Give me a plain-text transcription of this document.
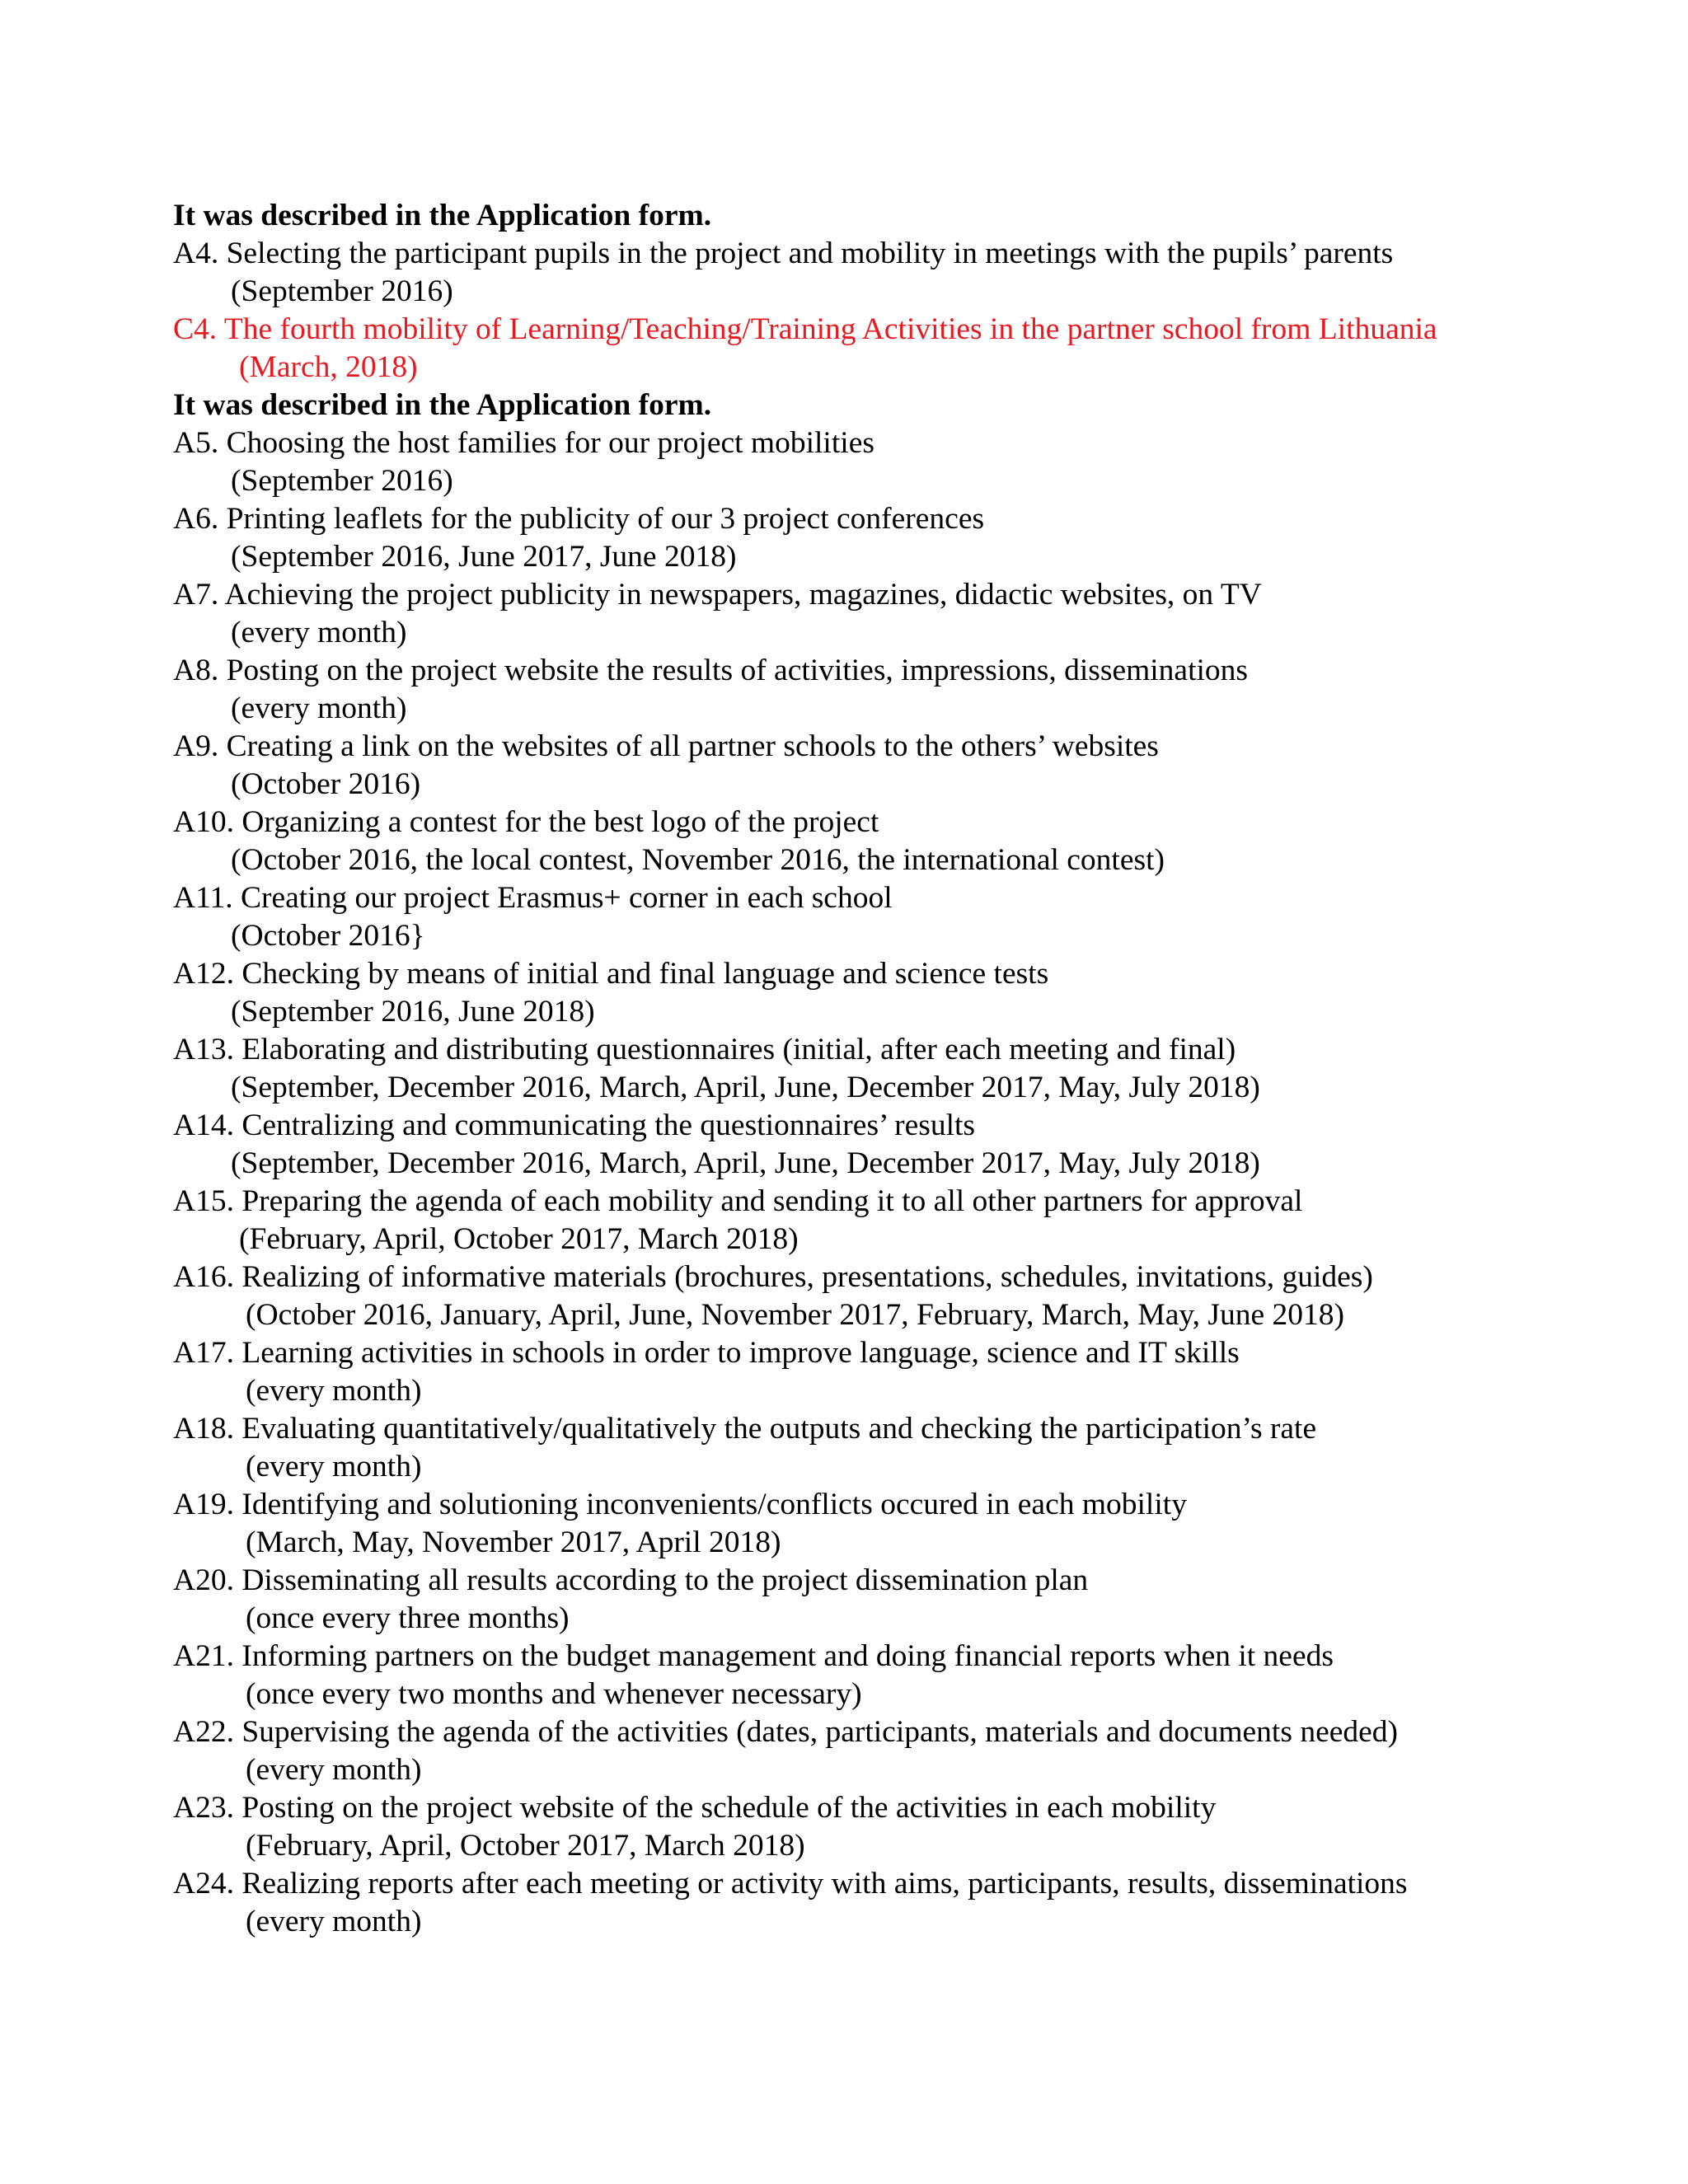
It was described in the Application form.
A4. Selecting the participant pupils in the project and mobility in meetings with the pupils’ parents
(September 2016)
C4. The fourth mobility of Learning/Teaching/Training Activities in the partner school from Lithuania
(March, 2018)
It was described in the Application form.
A5. Choosing the host families for our project mobilities
(September 2016)
A6. Printing leaflets for the publicity of our 3 project conferences
(September 2016, June 2017, June 2018)
A7. Achieving the project publicity in newspapers, magazines, didactic websites, on TV
(every month)
A8. Posting on the project website the results of activities, impressions, disseminations
(every month)
A9. Creating a link on the websites of all partner schools to the others’ websites
(October 2016)
A10. Organizing a contest for the best logo of the project
(October 2016, the local contest, November 2016, the international contest)
A11. Creating our project Erasmus+ corner in each school
(October 2016}
A12. Checking by means of initial and final language and science tests
(September 2016, June 2018)
A13. Elaborating and distributing questionnaires (initial, after each meeting and final)
(September, December 2016, March, April, June, December 2017, May, July 2018)
A14. Centralizing and communicating the questionnaires’ results
(September, December 2016, March, April, June, December 2017, May, July 2018)
A15. Preparing the agenda of each mobility and sending it to all other partners for approval
(February, April, October 2017, March 2018)
A16. Realizing of informative materials (brochures, presentations, schedules, invitations, guides)
(October 2016, January, April, June, November 2017, February, March, May, June 2018)
A17. Learning activities in schools in order to improve language, science and IT skills
(every month)
A18. Evaluating quantitatively/qualitatively the outputs and checking the participation’s rate
(every month)
A19. Identifying and solutioning inconvenients/conflicts occured in each mobility
(March, May, November 2017, April 2018)
A20. Disseminating all results according to the project dissemination plan
(once every three months)
A21. Informing partners on the budget management and doing financial reports when it needs
(once every two months and whenever necessary)
A22. Supervising the agenda of the activities (dates, participants, materials and documents needed)
(every month)
A23. Posting on the project website of the schedule of the activities in each mobility
(February, April, October 2017, March 2018)
A24. Realizing reports after each meeting or activity with aims, participants, results, disseminations
(every month)
